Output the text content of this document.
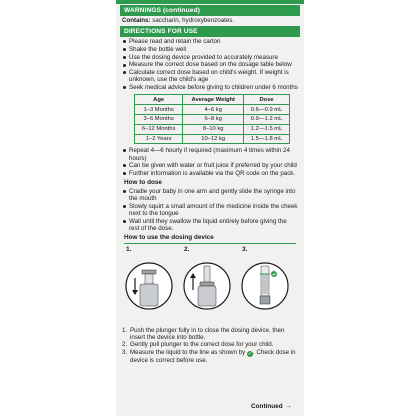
WARNINGS (continued)
Contains: saccharin, hydroxybenzoates.
DIRECTIONS FOR USE
Please read and retain the carton
Shake the bottle well
Use the dosing device provided to accurately measure
Measure the correct dose based on the dosage table below
Calculate correct dose based on child's weight. If weight is unknown, use the child's age
Seek medical advice before giving to children under 6 months
Age	Average Weight	Dose
1–3 Months	4–6 kg	0.6—0.9 mL
3–6 Months	6–8 kg	0.9—1.2 mL
6–12 Months	8–10 kg	1.2—1.5 mL
1–2 Years	10–12 kg	1.5—1.8 mL
Repeat 4—6 hourly if required (maximum 4 times within 24 hours)
Can be given with water or fruit juice if preferred by your child
Further information is available via the QR code on the pack.
How to dose
Cradle your baby in one arm and gently slide the syringe into the mouth
Slowly squirt a small amount of the medicine inside the cheek next to the tongue
Wait until they swallow the liquid entirely before giving the rest of the dose.
How to use the dosing device
1.	2.	3.
1. Push the plunger fully in to close the dosing device, then insert the device into bottle.
2. Gently pull plunger to the correct dose for your child.
3. Measure the liquid to the line as shown by ✓. Check dose in device is correct before use.
Continued →
